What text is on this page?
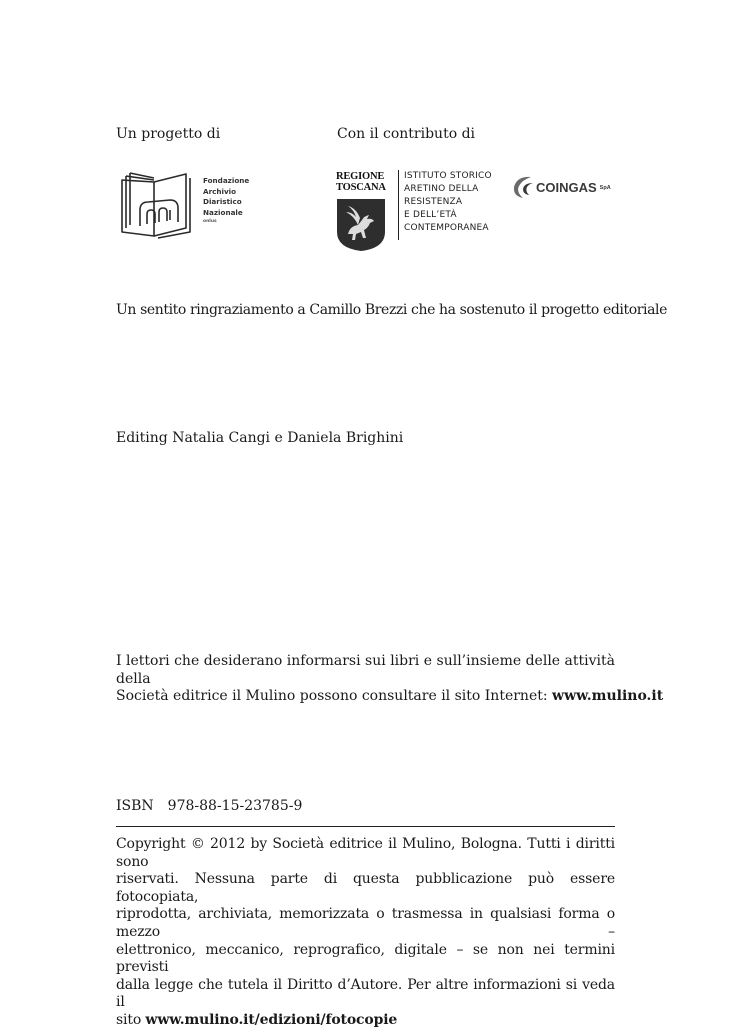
Un progetto di	Con il contributo di
Fondazione
Archivio
Diaristico
Nazionale
onlus
REGIONE
TOSCANA
ISTITUTO STORICO
ARETINO DELLA
RESISTENZA
E DELL’ETÀ
CONTEMPORANEA
COINGAS SpA
Un sentito ringraziamento a Camillo Brezzi che ha sostenuto il progetto editoriale
Editing Natalia Cangi e Daniela Brighini
I lettori che desiderano informarsi sui libri e sull’insieme delle attività della
Società editrice il Mulino possono consultare il sito Internet: www.mulino.it
ISBN 978-88-15-23785-9
Copyright © 2012 by Società editrice il Mulino, Bologna. Tutti i diritti sono
riservati. Nessuna parte di questa pubblicazione può essere fotocopiata,
riprodotta, archiviata, memorizzata o trasmessa in qualsiasi forma o mezzo –
elettronico, meccanico, reprografico, digitale – se non nei termini previsti
dalla legge che tutela il Diritto d’Autore. Per altre informazioni si veda il
sito www.mulino.it/edizioni/fotocopie
